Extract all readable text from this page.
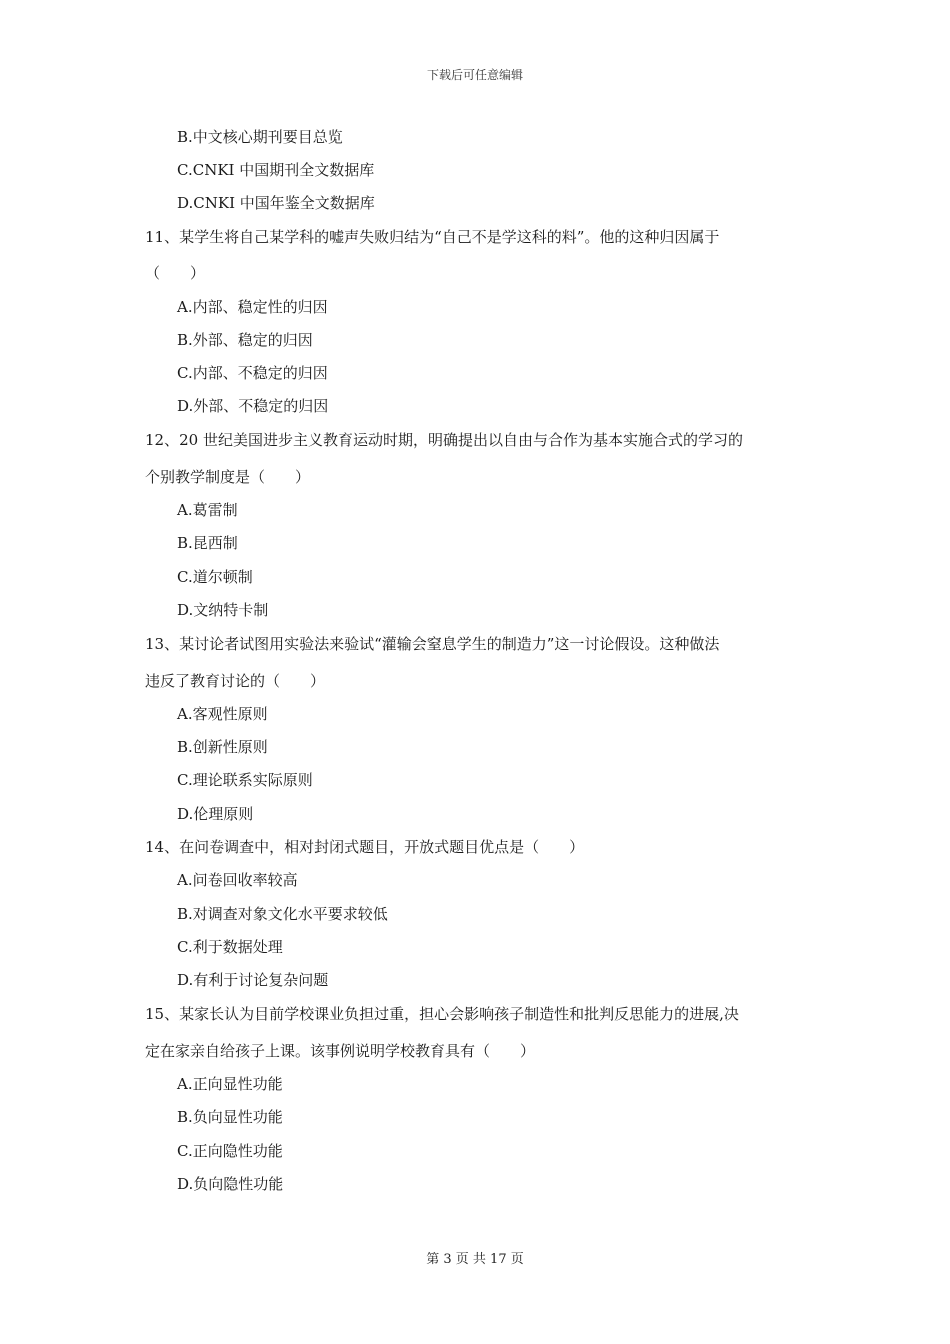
下载后可任意编辑
B.中文核心期刊要目总览
C.CNKI 中国期刊全文数据库
D.CNKI 中国年鉴全文数据库
11、某学生将自己某学科的嘘声失败归结为“自己不是学这科的料”。他的这种归因属于
（　　）
A.内部、稳定性的归因
B.外部、稳定的归因
C.内部、不稳定的归因
D.外部、不稳定的归因
12、20 世纪美国进步主义教育运动时期，明确提出以自由与合作为基本实施合式的学习的
个别教学制度是（　　）
A.葛雷制
B.昆西制
C.道尔顿制
D.文纳特卡制
13、某讨论者试图用实验法来验试“灌输会窒息学生的制造力”这一讨论假设。这种做法
违反了教育讨论的（　　）
A.客观性原则
B.创新性原则
C.理论联系实际原则
D.伦理原则
14、在问卷调查中，相对封闭式题目，开放式题目优点是（　　）
A.问卷回收率较高
B.对调查对象文化水平要求较低
C.利于数据处理
D.有利于讨论复杂问题
15、某家长认为目前学校课业负担过重，担心会影响孩子制造性和批判反思能力的进展,决
定在家亲自给孩子上课。该事例说明学校教育具有（　　）
A.正向显性功能
B.负向显性功能
C.正向隐性功能
D.负向隐性功能
第 3 页 共 17 页
